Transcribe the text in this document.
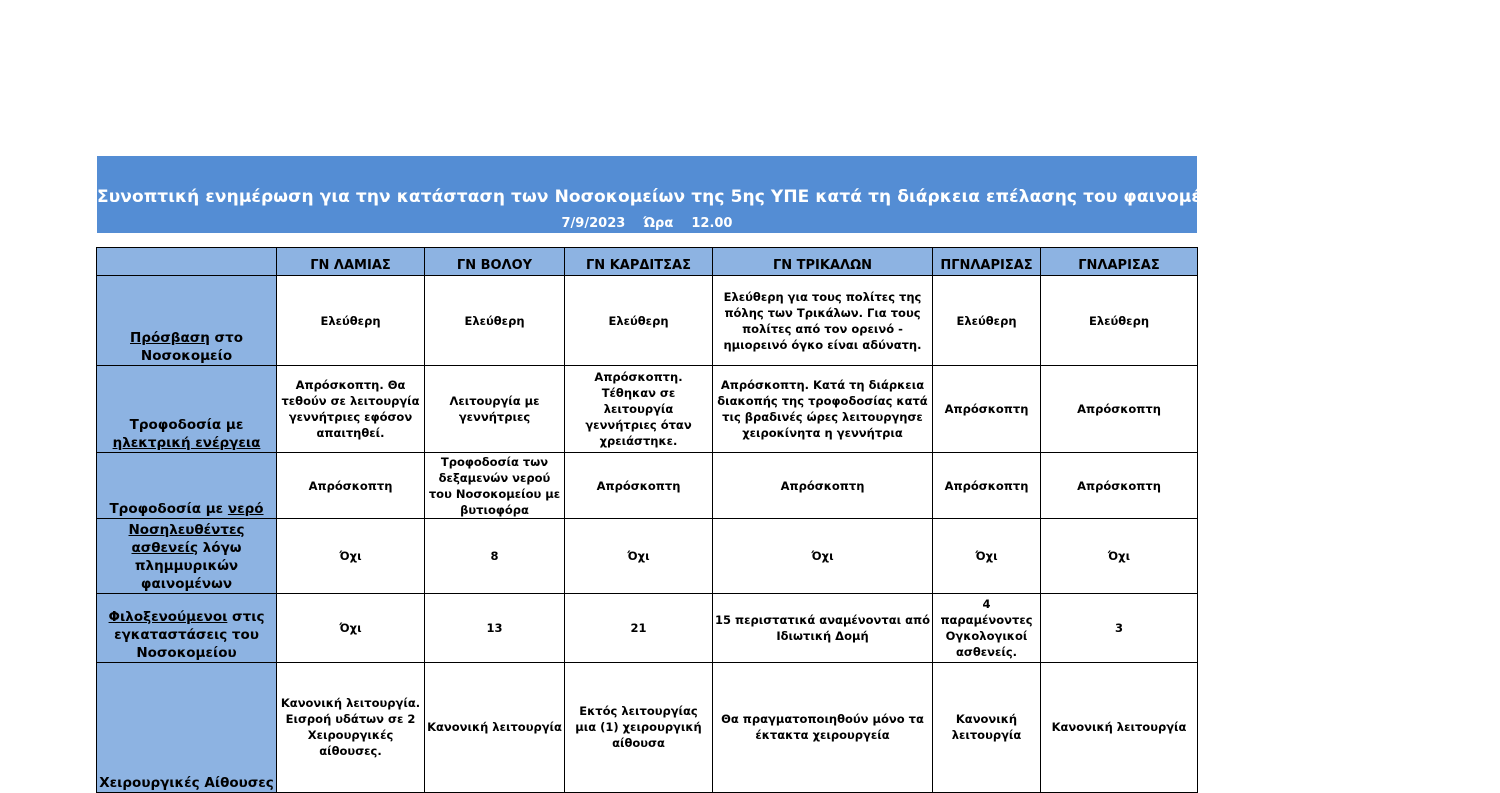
Συνοπτική ενημέρωση για την κατάσταση των Νοσοκομείων της 5ης ΥΠΕ κατά τη διάρκεια επέλασης του φαινομένου DANIEL
7/9/2023    Ώρα    12.00
	ΓΝ ΛΑΜΙΑΣ	ΓΝ ΒΟΛΟΥ	ΓΝ ΚΑΡΔΙΤΣΑΣ	ΓΝ ΤΡΙΚΑΛΩΝ	ΠΓΝΛΑΡΙΣΑΣ	ΓΝΛΑΡΙΣΑΣ
Πρόσβαση στο Νοσοκομείο	Ελεύθερη	Ελεύθερη	Ελεύθερη	Ελεύθερη για τους πολίτες της πόλης των Τρικάλων. Για τους πολίτες από τον ορεινό - ημιορεινό όγκο είναι αδύνατη.	Ελεύθερη	Ελεύθερη
Τροφοδοσία με ηλεκτρική ενέργεια	Απρόσκοπτη. Θα τεθούν σε λειτουργία γεννήτριες εφόσον απαιτηθεί.	Λειτουργία με γεννήτριες	Απρόσκοπτη. Τέθηκαν σε λειτουργία γεννήτριες όταν χρειάστηκε.	Απρόσκοπτη. Κατά τη διάρκεια διακοπής της τροφοδοσίας κατά τις βραδινές ώρες λειτουργησε χειροκίνητα η γεννήτρια	Απρόσκοπτη	Απρόσκοπτη
Τροφοδοσία με νερό	Απρόσκοπτη	Τροφοδοσία των δεξαμενών νερού του Νοσοκομείου με βυτιοφόρα	Απρόσκοπτη	Απρόσκοπτη	Απρόσκοπτη	Απρόσκοπτη
Νοσηλευθέντες ασθενείς λόγω πλημμυρικών φαινομένων	Όχι	8	Όχι	Όχι	Όχι	Όχι
Φιλοξενούμενοι στις εγκαταστάσεις του Νοσοκομείου	Όχι	13	21	15 περιστατικά αναμένονται από Ιδιωτική Δομή	4 παραμένοντες Ογκολογικοί ασθενείς.	3
Χειρουργικές Αίθουσες	Κανονική λειτουργία. Εισροή υδάτων σε 2 Χειρουργικές αίθουσες.	Κανονική λειτουργία	Εκτός λειτουργίας μια (1) χειρουργική αίθουσα	Θα πραγματοποιηθούν μόνο τα έκτακτα χειρουργεία	Κανονική λειτουργία	Κανονική λειτουργία
